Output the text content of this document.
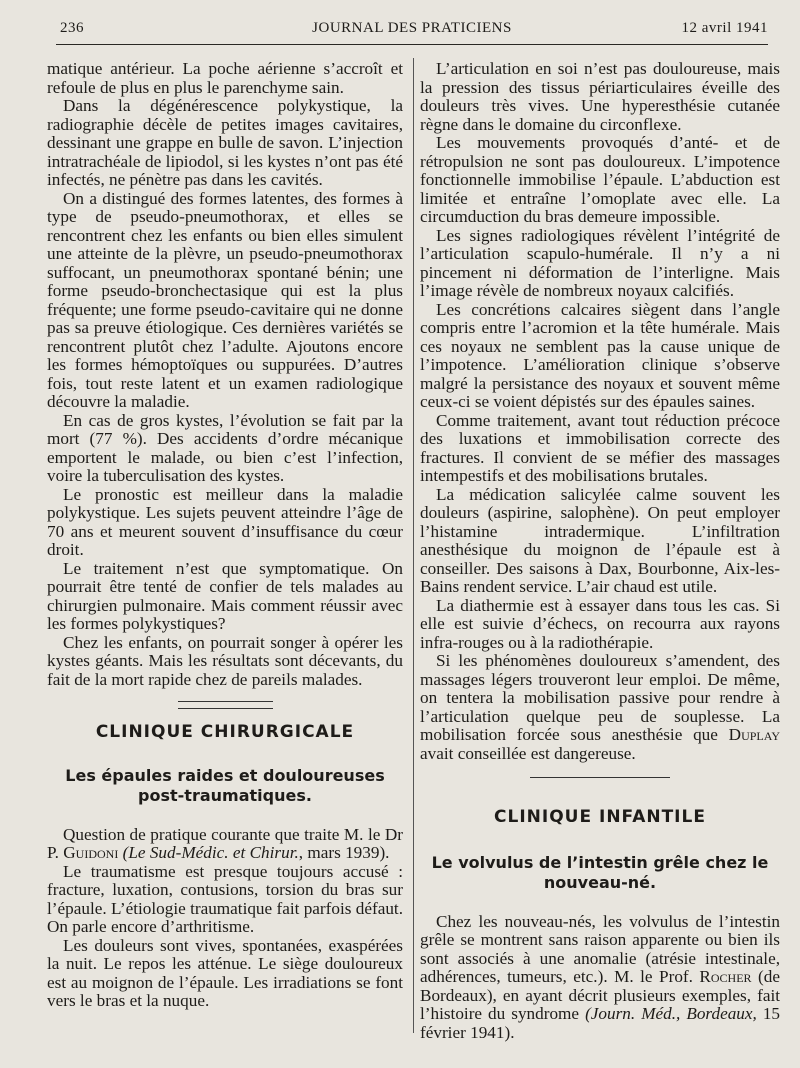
236	JOURNAL DES PRATICIENS	12 avril 1941

matique antérieur. La poche aérienne s’accroît et refoule de plus en plus le parenchyme sain.

Dans la dégénérescence polykystique, la radiographie décèle de petites images cavitaires, dessinant une grappe en bulle de savon. L’injection intratrachéale de lipiodol, si les kystes n’ont pas été infectés, ne pénètre pas dans les cavités.

On a distingué des formes latentes, des formes à type de pseudo-pneumothorax, et elles se rencontrent chez les enfants ou bien elles simulent une atteinte de la plèvre, un pseudo-pneumothorax suffocant, un pneumothorax spontané bénin; une forme pseudo-bronchectasique qui est la plus fréquente; une forme pseudo-cavitaire qui ne donne pas sa preuve étiologique. Ces dernières variétés se rencontrent plutôt chez l’adulte. Ajoutons encore les formes hémoptoïques ou suppurées. D’autres fois, tout reste latent et un examen radiologique découvre la maladie.

En cas de gros kystes, l’évolution se fait par la mort (77 %). Des accidents d’ordre mécanique emportent le malade, ou bien c’est l’infection, voire la tuberculisation des kystes.

Le pronostic est meilleur dans la maladie polykystique. Les sujets peuvent atteindre l’âge de 70 ans et meurent souvent d’insuffisance du cœur droit.

Le traitement n’est que symptomatique. On pourrait être tenté de confier de tels malades au chirurgien pulmonaire. Mais comment réussir avec les formes polykystiques?

Chez les enfants, on pourrait songer à opérer les kystes géants. Mais les résultats sont décevants, du fait de la mort rapide chez de pareils malades.

CLINIQUE CHIRURGICALE
Les épaules raides et douloureuses post-traumatiques.

Question de pratique courante que traite M. le Dr P. Guidoni (Le Sud-Médic. et Chirur., mars 1939).

Le traumatisme est presque toujours accusé : fracture, luxation, contusions, torsion du bras sur l’épaule. L’étiologie traumatique fait parfois défaut. On parle encore d’arthritisme.

Les douleurs sont vives, spontanées, exaspérées la nuit. Le repos les atténue. Le siège douloureux est au moignon de l’épaule. Les irradiations se font vers le bras et la nuque.

L’articulation en soi n’est pas douloureuse, mais la pression des tissus périarticulaires éveille des douleurs très vives. Une hyperesthésie cutanée règne dans le domaine du circonflexe.

Les mouvements provoqués d’anté- et de rétropulsion ne sont pas douloureux. L’impotence fonctionnelle immobilise l’épaule. L’abduction est limitée et entraîne l’omoplate avec elle. La circumduction du bras demeure impossible.

Les signes radiologiques révèlent l’intégrité de l’articulation scapulo-humérale. Il n’y a ni pincement ni déformation de l’interligne. Mais l’image révèle de nombreux noyaux calcifiés.

Les concrétions calcaires siègent dans l’angle compris entre l’acromion et la tête humérale. Mais ces noyaux ne semblent pas la cause unique de l’impotence. L’amélioration clinique s’observe malgré la persistance des noyaux et souvent même ceux-ci se voient dépistés sur des épaules saines.

Comme traitement, avant tout réduction précoce des luxations et immobilisation correcte des fractures. Il convient de se méfier des massages intempestifs et des mobilisations brutales.

La médication salicylée calme souvent les douleurs (aspirine, salophène). On peut employer l’histamine intradermique. L’infiltration anesthésique du moignon de l’épaule est à conseiller. Des saisons à Dax, Bourbonne, Aix-les-Bains rendent service. L’air chaud est utile.

La diathermie est à essayer dans tous les cas. Si elle est suivie d’échecs, on recourra aux rayons infra-rouges ou à la radiothérapie.

Si les phénomènes douloureux s’amendent, des massages légers trouveront leur emploi. De même, on tentera la mobilisation passive pour rendre à l’articulation quelque peu de souplesse. La mobilisation forcée sous anesthésie que Duplay avait conseillée est dangereuse.

CLINIQUE INFANTILE
Le volvulus de l’intestin grêle chez le nouveau-né.

Chez les nouveau-nés, les volvulus de l’intestin grêle se montrent sans raison apparente ou bien ils sont associés à une anomalie (atrésie intestinale, adhérences, tumeurs, etc.). M. le Prof. Rocher (de Bordeaux), en ayant décrit plusieurs exemples, fait l’histoire du syndrome (Journ. Méd., Bordeaux, 15 février 1941).
